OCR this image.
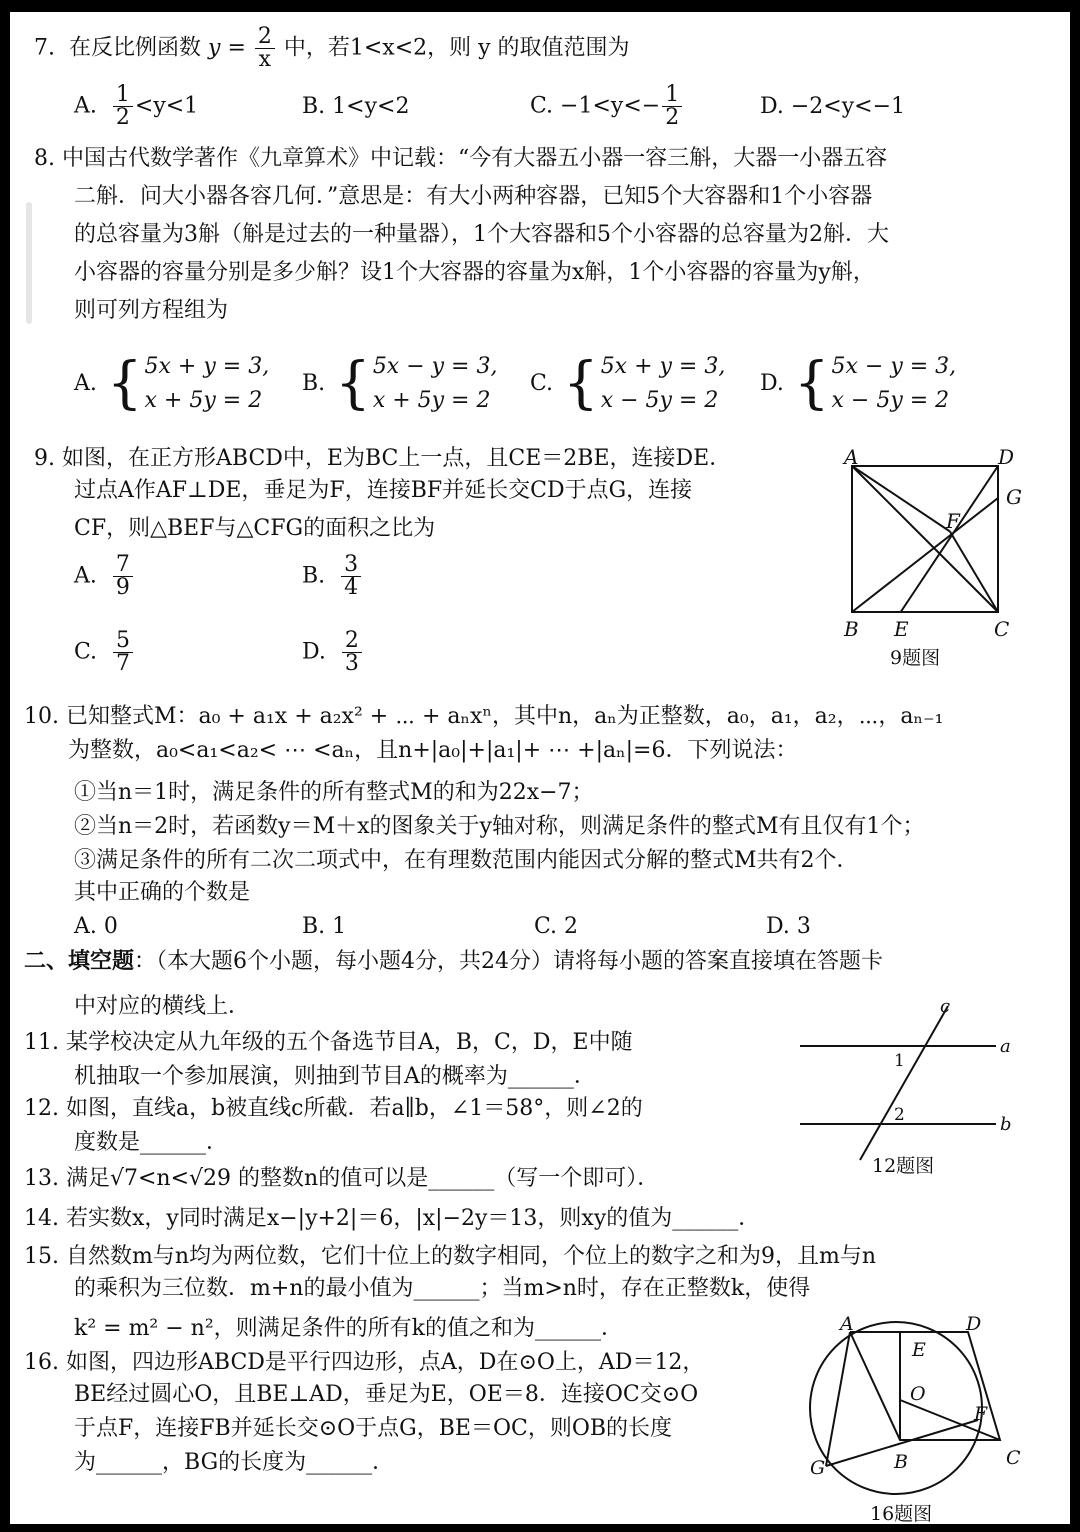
7. 在反比例函数 $y = \frac{2}{x}$ 中，若1<x<2，则 y 的取值范围为
A. $\frac{1}{2} <y<1$	B. 1<y<2	C. $-1<y<- \frac{1}{2}$	D. −2<y<−1
8. 中国古代数学著作《九章算术》中记载：“今有大器五小器一容三斛，大器一小器五容
二斛．问大小器各容几何．”意思是：有大小两种容器，已知5个大容器和1个小容器
的总容量为3斛（斛是过去的一种量器），1个大容器和5个小容器的总容量为2斛．大
小容器的容量分别是多少斛？设1个大容器的容量为x斛，1个小容器的容量为y斛，
则可列方程组为
A. { 5x + y = 3,
x + 5y = 2
B. { 5x − y = 3,
x + 5y = 2
C. { 5x + y = 3,
x − 5y = 2
D. { 5x − y = 3,
x − 5y = 2
9. 如图，在正方形ABCD中，E为BC上一点，且CE＝2BE，连接DE．
过点A作AF⊥DE，垂足为F，连接BF并延长交CD于点G，连接
CF，则△BEF与△CFG的面积之比为
A. $\frac{7}{9}$	B. $\frac{3}{4}$
C. $\frac{5}{7}$	D. $\frac{2}{3}$
A	D
G
F
B E	C
9题图
10. 已知整式M：a₀ + a₁x + a₂x² + ⋯ + aₙxⁿ，其中n，aₙ为正整数，a₀，a₁，a₂，⋯，aₙ₋₁
为整数，a₀<a₁<a₂< ⋯ <aₙ，且n+|a₀|+|a₁|+ ⋯ +|aₙ|=6．下列说法：
①当n＝1时，满足条件的所有整式M的和为22x−7；
②当n＝2时，若函数y＝M＋x的图象关于y轴对称，则满足条件的整式M有且仅有1个；
③满足条件的所有二次二项式中，在有理数范围内能因式分解的整式M共有2个．
其中正确的个数是
A. 0	B. 1	C. 2	D. 3
二、填空题：（本大题6个小题，每小题4分，共24分）请将每小题的答案直接填在答题卡
中对应的横线上．
11. 某学校决定从九年级的五个备选节目A，B，C，D，E中随
机抽取一个参加展演，则抽到节目A的概率为______．
12. 如图，直线a，b被直线c所截．若a∥b，∠1＝58°，则∠2的
度数是______．
a
b
c
1
2
12题图
13. 满足√7<n<√29 的整数n的值可以是______（写一个即可）．
14. 若实数x，y同时满足x−|y+2|＝6，|x|−2y＝13，则xy的值为______．
15. 自然数m与n均为两位数，它们十位上的数字相同，个位上的数字之和为9，且m与n
的乘积为三位数．m+n的最小值为______；当m>n时，存在正整数k，使得
k² = m² − n²，则满足条件的所有k的值之和为______．
16. 如图，四边形ABCD是平行四边形，点A，D在⊙O上，AD＝12，
BE经过圆心O，且BE⊥AD，垂足为E，OE＝8．连接OC交⊙O
于点F，连接FB并延长交⊙O于点G，BE＝OC，则OB的长度
为______，BG的长度为______．
A	D
E
O
F
G	B	C
16题图
